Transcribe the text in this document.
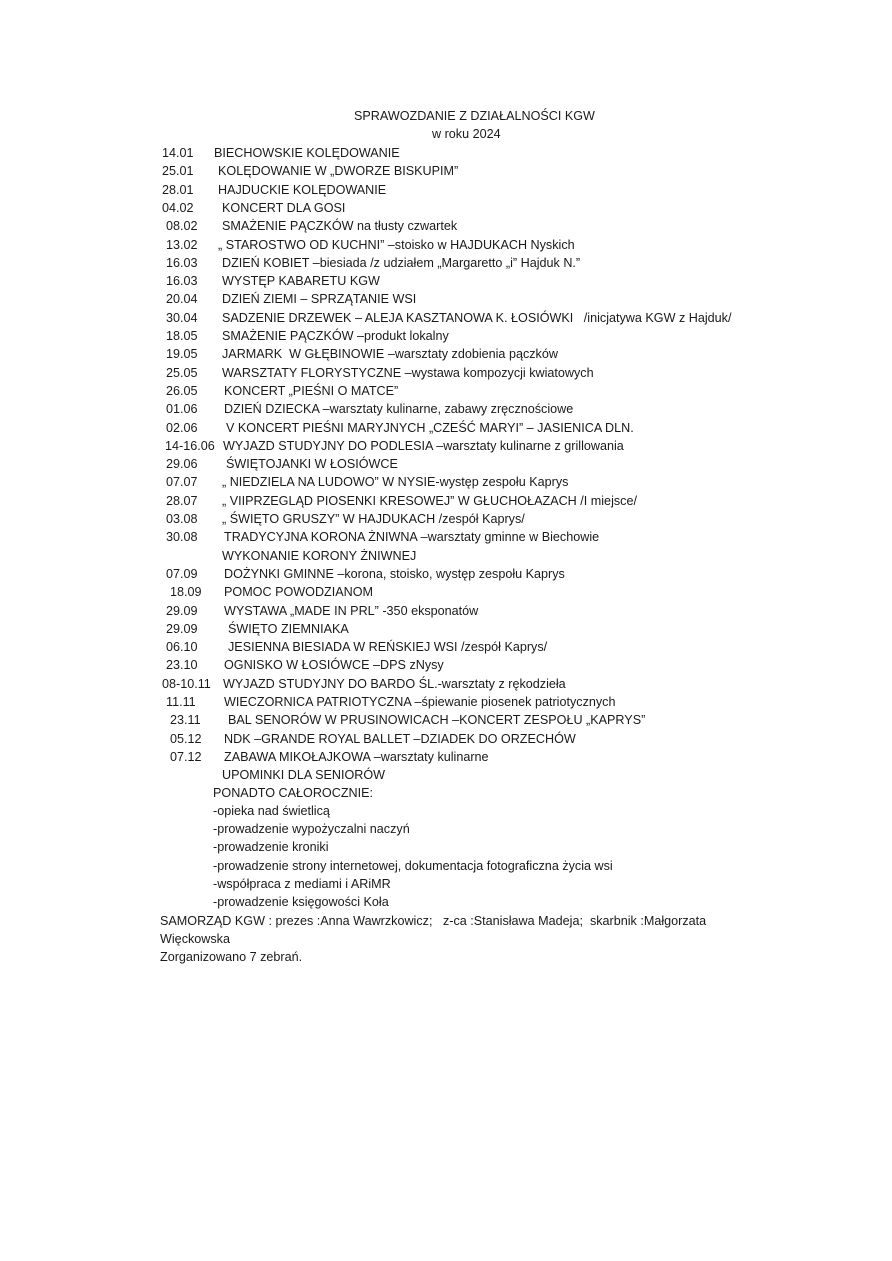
SPRAWOZDANIE Z DZIAŁALNOŚCI KGW
w roku 2024
14.01 BIECHOWSKIE KOLĘDOWANIE
25.01 KOLĘDOWANIE W „DWORZE BISKUPIM”
28.01 HAJDUCKIE KOLĘDOWANIE
04.02 KONCERT DLA GOSI
08.02 SMAŻENIE PĄCZKÓW na tłusty czwartek
13.02 „ STAROSTWO OD KUCHNI” –stoisko w HAJDUKACH Nyskich
16.03 DZIEŃ KOBIET –biesiada /z udziałem „Margaretto „i” Hajduk N.”
16.03 WYSTĘP KABARETU KGW
20.04 DZIEŃ ZIEMI – SPRZĄTANIE WSI
30.04 SADZENIE DRZEWEK – ALEJA KASZTANOWA K. ŁOSIÓWKI   /inicjatywa KGW z Hajduk/
18.05 SMAŻENIE PĄCZKÓW –produkt lokalny
19.05 JARMARK  W GŁĘBINOWIE –warsztaty zdobienia pączków
25.05 WARSZTATY FLORYSTYCZNE –wystawa kompozycji kwiatowych
26.05 KONCERT „PIEŚNI O MATCE”
01.06 DZIEŃ DZIECKA –warsztaty kulinarne, zabawy zręcznościowe
02.06 V KONCERT PIEŚNI MARYJNYCH „CZEŚĆ MARYI” – JASIENICA DLN.
14-16.06 WYJAZD STUDYJNY DO PODLESIA –warsztaty kulinarne z grillowania
29.06 ŚWIĘTOJANKI W ŁOSIÓWCE
07.07 „ NIEDZIELA NA LUDOWO” W NYSIE-występ zespołu Kaprys
28.07 „ VIIPRZEGLĄD PIOSENKI KRESOWEJ” W GŁUCHOŁAZACH /I miejsce/
03.08 „ ŚWIĘTO GRUSZY” W HAJDUKACH /zespół Kaprys/
30.08 TRADYCYJNA KORONA ŻNIWNA –warsztaty gminne w Biechowie
WYKONANIE KORONY ŻNIWNEJ
07.09 DOŻYNKI GMINNE –korona, stoisko, występ zespołu Kaprys
18.09 POMOC POWODZIANOM
29.09 WYSTAWA „MADE IN PRL” -350 eksponatów
29.09 ŚWIĘTO ZIEMNIAKA
06.10 JESIENNA BIESIADA W REŃSKIEJ WSI /zespół Kaprys/
23.10 OGNISKO W ŁOSIÓWCE –DPS zNysy
08-10.11 WYJAZD STUDYJNY DO BARDO ŚL.-warsztaty z rękodzieła
11.11 WIECZORNICA PATRIOTYCZNA –śpiewanie piosenek patriotycznych
23.11 BAL SENORÓW W PRUSINOWICACH –KONCERT ZESPOŁU „KAPRYS”
05.12 NDK –GRANDE ROYAL BALLET –DZIADEK DO ORZECHÓW
07.12 ZABAWA MIKOŁAJKOWA –warsztaty kulinarne
UPOMINKI DLA SENIORÓW
PONADTO CAŁOROCZNIE:
-opieka nad świetlicą
-prowadzenie wypożyczalni naczyń
-prowadzenie kroniki
-prowadzenie strony internetowej, dokumentacja fotograficzna życia wsi
-współpraca z mediami i ARiMR
-prowadzenie księgowości Koła
SAMORZĄD KGW : prezes :Anna Wawrzkowicz;   z-ca :Stanisława Madeja;  skarbnik :Małgorzata
Więckowska
Zorganizowano 7 zebrań.
